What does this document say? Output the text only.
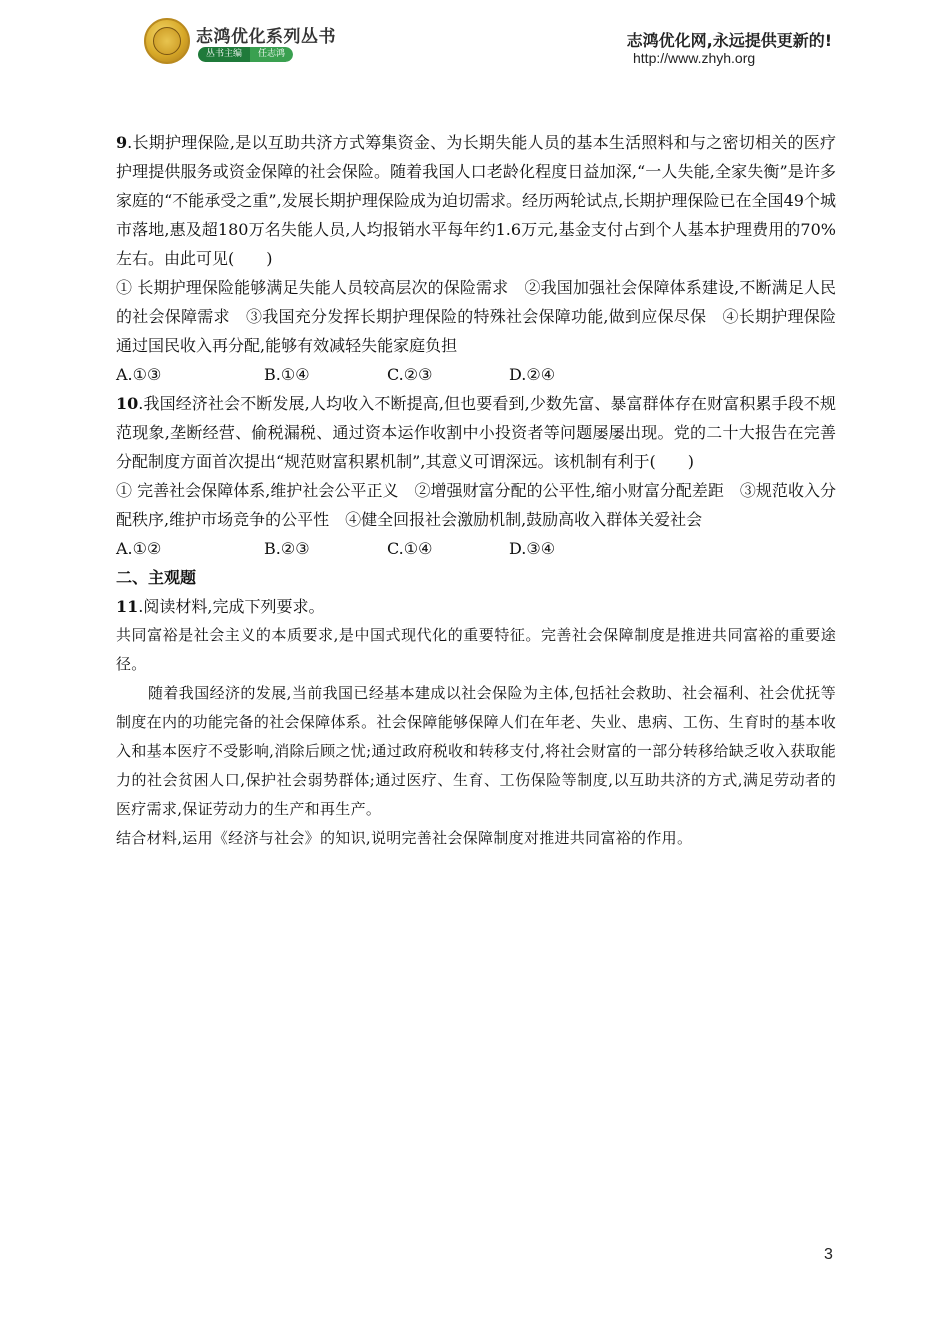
志鸿优化系列丛书
丛书主编	任志鸿
志鸿优化网,永远提供更新的!
http://www.zhyh.org

9.长期护理保险,是以互助共济方式筹集资金、为长期失能人员的基本生活照料和与之密切相关的医疗护理提供服务或资金保障的社会保险。随着我国人口老龄化程度日益加深,“一人失能,全家失衡”是许多家庭的“不能承受之重”,发展长期护理保险成为迫切需求。经历两轮试点,长期护理保险已在全国49个城市落地,惠及超180万名失能人员,人均报销水平每年约1.6万元,基金支付占到个人基本护理费用的70%左右。由此可见(　　)

① 长期护理保险能够满足失能人员较高层次的保险需求　②我国加强社会保障体系建设,不断满足人民的社会保障需求　③我国充分发挥长期护理保险的特殊社会保障功能,做到应保尽保　④长期护理保险通过国民收入再分配,能够有效减轻失能家庭负担

A.①③	B.①④	C.②③	D.②④

10.我国经济社会不断发展,人均收入不断提高,但也要看到,少数先富、暴富群体存在财富积累手段不规范现象,垄断经营、偷税漏税、通过资本运作收割中小投资者等问题屡屡出现。党的二十大报告在完善分配制度方面首次提出“规范财富积累机制”,其意义可谓深远。该机制有利于(　　)

① 完善社会保障体系,维护社会公平正义　②增强财富分配的公平性,缩小财富分配差距　③规范收入分配秩序,维护市场竞争的公平性　④健全回报社会激励机制,鼓励高收入群体关爱社会

A.①②	B.②③	C.①④	D.③④

二、主观题

11.阅读材料,完成下列要求。

共同富裕是社会主义的本质要求,是中国式现代化的重要特征。完善社会保障制度是推进共同富裕的重要途径。

随着我国经济的发展,当前我国已经基本建成以社会保险为主体,包括社会救助、社会福利、社会优抚等制度在内的功能完备的社会保障体系。社会保障能够保障人们在年老、失业、患病、工伤、生育时的基本收入和基本医疗不受影响,消除后顾之忧;通过政府税收和转移支付,将社会财富的一部分转移给缺乏收入获取能力的社会贫困人口,保护社会弱势群体;通过医疗、生育、工伤保险等制度,以互助共济的方式,满足劳动者的医疗需求,保证劳动力的生产和再生产。

结合材料,运用《经济与社会》的知识,说明完善社会保障制度对推进共同富裕的作用。

3
